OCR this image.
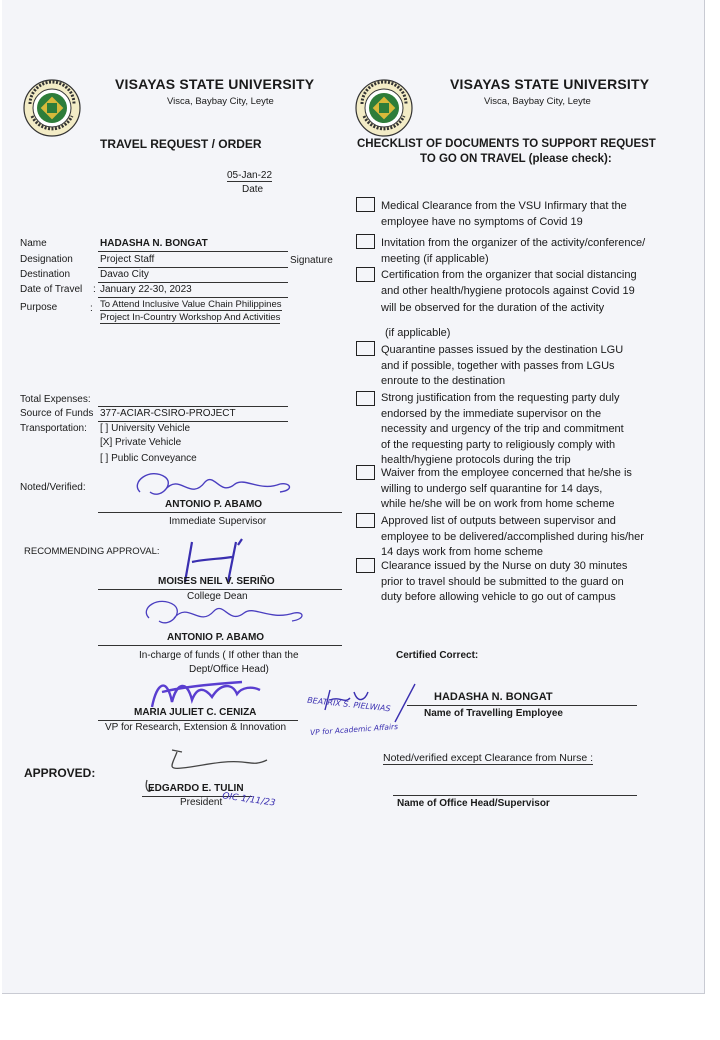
VISAYAS STATE UNIVERSITY
Visca, Baybay City, Leyte
TRAVEL REQUEST / ORDER
05-Jan-22
Date
Name	HADASHA N. BONGAT
Designation	Project Staff	Signature
Destination	Davao City
Date of Travel : January 22-30, 2023
Purpose	: To Attend Inclusive Value Chain Philippines
Project In-Country Workshop And Activities
Total Expenses:
Source of Funds 377-ACIAR-CSIRO-PROJECT
Transportation: [ ] University Vehicle
[X] Private Vehicle
[ ] Public Conveyance
Noted/Verified:
ANTONIO P. ABAMO
Immediate Supervisor
RECOMMENDING APPROVAL:
MOISES NEIL V. SERIÑO
College Dean
ANTONIO P. ABAMO
In-charge of funds ( If other than the
Dept/Office Head)
MARIA JULIET C. CENIZA
VP for Research, Extension & Innovation
BEATRIX S. PIELWIAS
VP for Academic Affairs
APPROVED:
EDGARDO E. TULIN
President OIC 1/11/23
VISAYAS STATE UNIVERSITY
Visca, Baybay City, Leyte
CHECKLIST OF DOCUMENTS TO SUPPORT REQUEST
TO GO ON TRAVEL (please check):
Medical Clearance from the VSU Infirmary that the
employee have no symptoms of Covid 19
Invitation from the organizer of the activity/conference/
meeting (if applicable)
Certification from the organizer that social distancing
and other health/hygiene protocols against Covid 19
will be observed for the duration of the activity
(if applicable)
Quarantine passes issued by the destination LGU
and if possible, together with passes from LGUs
enroute to the destination
Strong justification from the requesting party duly
endorsed by the immediate supervisor on the
necessity and urgency of the trip and commitment
of the requesting party to religiously comply with
health/hygiene protocols during the trip
Waiver from the employee concerned that he/she is
willing to undergo self quarantine for 14 days,
while he/she will be on work from home scheme
Approved list of outputs between supervisor and
employee to be delivered/accomplished during his/her
14 days work from home scheme
Clearance issued by the Nurse on duty 30 minutes
prior to travel should be submitted to the guard on
duty before allowing vehicle to go out of campus
Certified Correct:
HADASHA N. BONGAT
Name of Travelling Employee
Noted/verified except Clearance from Nurse :
Name of Office Head/Supervisor
